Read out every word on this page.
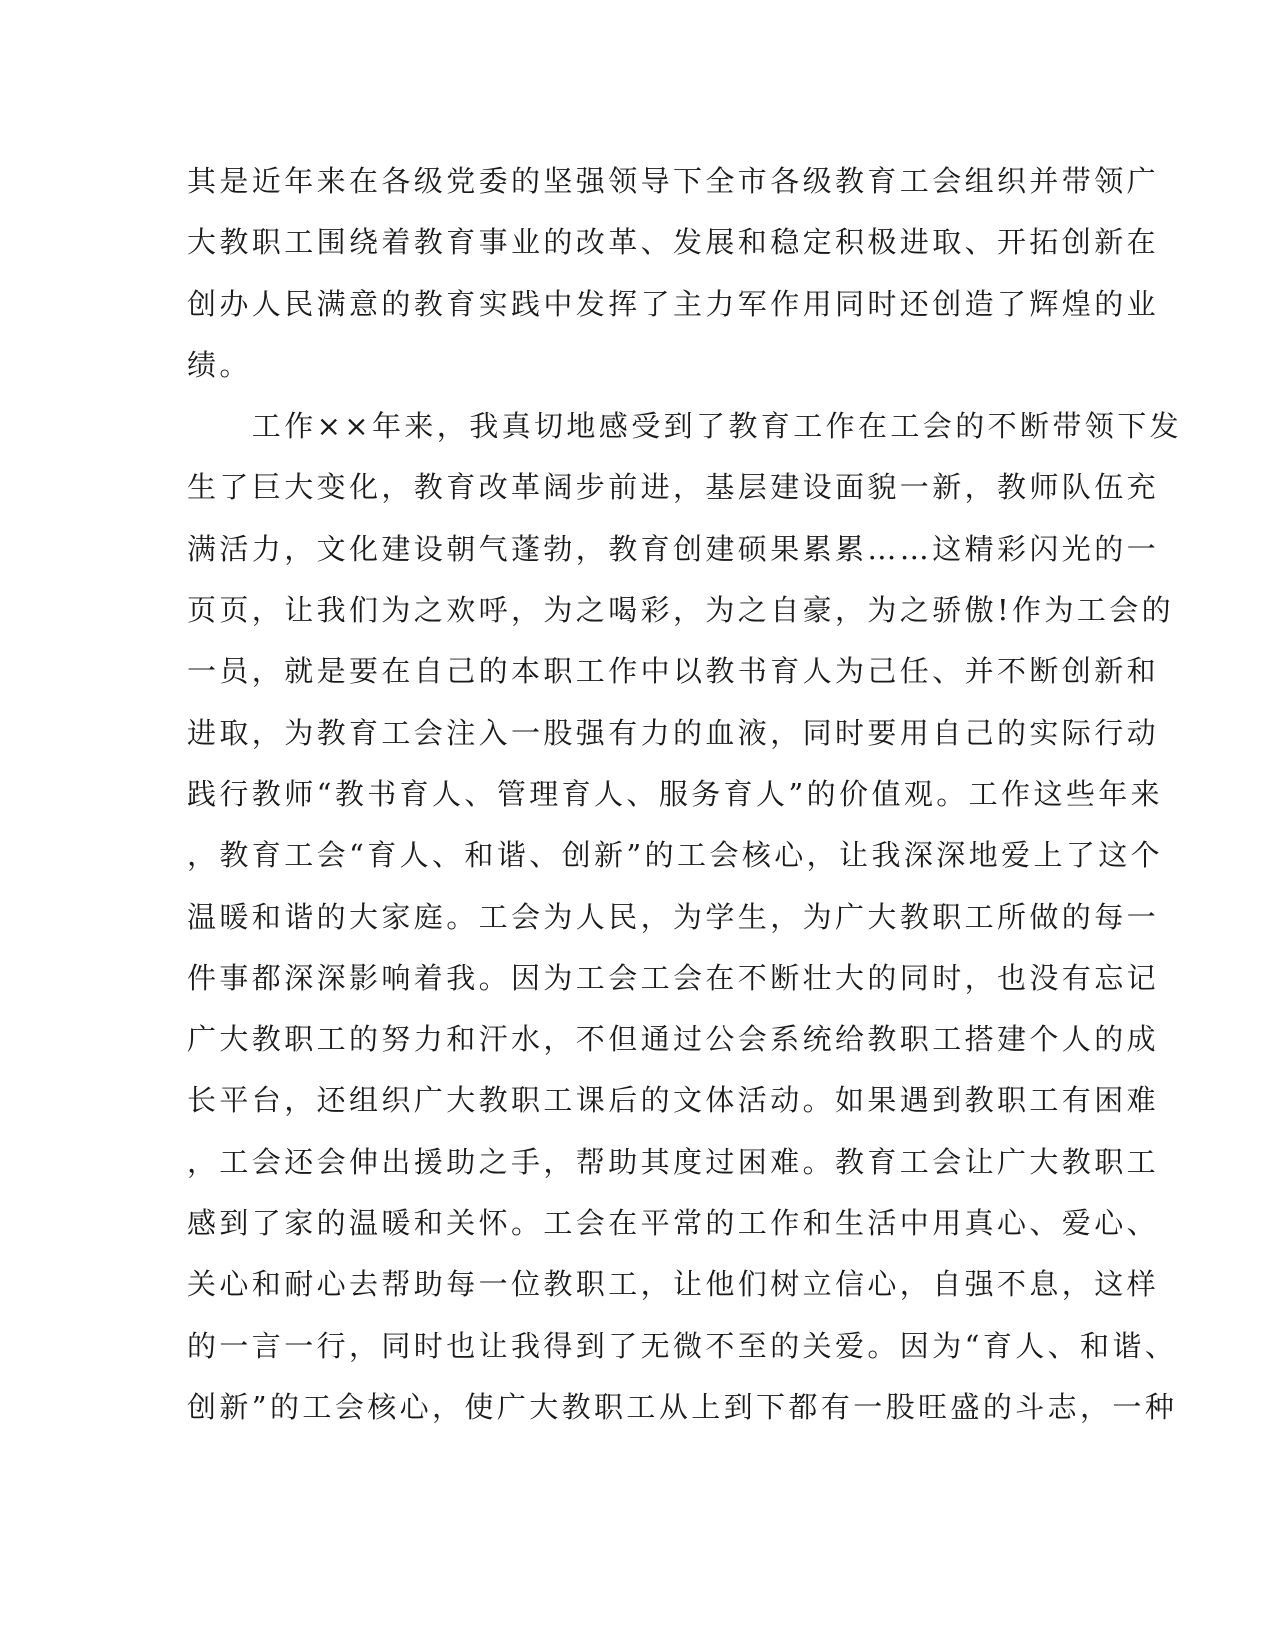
其是近年来在各级党委的坚强领导下全市各级教育工会组织并带领广
大教职工围绕着教育事业的改革、发展和稳定积极进取、开拓创新在
创办人民满意的教育实践中发挥了主力军作用同时还创造了辉煌的业
绩。
　　工作××年来，我真切地感受到了教育工作在工会的不断带领下发
生了巨大变化，教育改革阔步前进，基层建设面貌一新，教师队伍充
满活力，文化建设朝气蓬勃，教育创建硕果累累……这精彩闪光的一
页页，让我们为之欢呼，为之喝彩，为之自豪，为之骄傲!作为工会的
一员，就是要在自己的本职工作中以教书育人为己任、并不断创新和
进取，为教育工会注入一股强有力的血液，同时要用自己的实际行动
践行教师“教书育人、管理育人、服务育人”的价值观。工作这些年来
，教育工会“育人、和谐、创新”的工会核心，让我深深地爱上了这个
温暖和谐的大家庭。工会为人民，为学生，为广大教职工所做的每一
件事都深深影响着我。因为工会工会在不断壮大的同时，也没有忘记
广大教职工的努力和汗水，不但通过公会系统给教职工搭建个人的成
长平台，还组织广大教职工课后的文体活动。如果遇到教职工有困难
，工会还会伸出援助之手，帮助其度过困难。教育工会让广大教职工
感到了家的温暖和关怀。工会在平常的工作和生活中用真心、爱心、
关心和耐心去帮助每一位教职工，让他们树立信心，自强不息，这样
的一言一行，同时也让我得到了无微不至的关爱。因为“育人、和谐、
创新”的工会核心，使广大教职工从上到下都有一股旺盛的斗志，一种
